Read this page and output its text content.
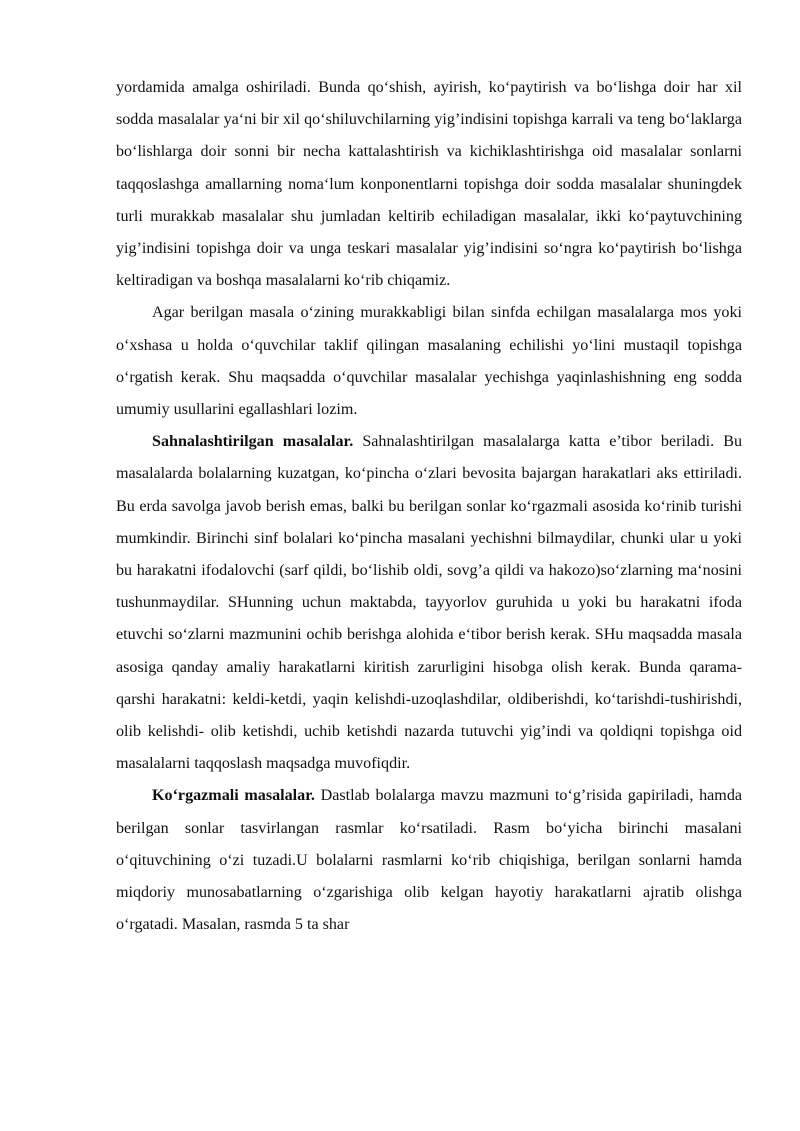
yordamida amalga oshiriladi. Bunda qo‘shish, ayirish, ko‘paytirish va bo‘lishga doir har xil sodda masalalar ya‘ni bir xil qo‘shiluvchilarning yig’indisini topishga karrali va teng bo‘laklarga bo‘lishlarga doir sonni bir necha kattalashtirish va kichiklashtirishga oid masalalar sonlarni taqqoslashga amallarning noma‘lum konponentlarni topishga doir sodda masalalar shuningdek turli murakkab masalalar shu jumladan keltirib echiladigan masalalar, ikki ko‘paytuvchining yig’indisini topishga doir va unga teskari masalalar yig’indisini so‘ngra ko‘paytirish bo‘lishga keltiradigan va boshqa masalalarni ko‘rib chiqamiz.

Agar berilgan masala o‘zining murakkabligi bilan sinfda echilgan masalalarga mos yoki o‘xshasa u holda o‘quvchilar taklif qilingan masalaning echilishi yo‘lini mustaqil topishga o‘rgatish kerak. Shu maqsadda o‘quvchilar masalalar yechishga yaqinlashishning eng sodda umumiy usullarini egallashlari lozim.

Sahnalashtirilgan masalalar. Sahnalashtirilgan masalalarga katta e’tibor beriladi. Bu masalalarda bolalarning kuzatgan, ko‘pincha o‘zlari bevosita bajargan harakatlari aks ettiriladi. Bu erda savolga javob berish emas, balki bu berilgan sonlar ko‘rgazmali asosida ko‘rinib turishi mumkindir. Birinchi sinf bolalari ko‘pincha masalani yechishni bilmaydilar, chunki ular u yoki bu harakatni ifodalovchi (sarf qildi, bo‘lishib oldi, sovg’a qildi va hakozo)so‘zlarning ma‘nosini tushunmaydilar. SHunning uchun maktabda, tayyorlov guruhida u yoki bu harakatni ifoda etuvchi so‘zlarni mazmunini ochib berishga alohida e‘tibor berish kerak. SHu maqsadda masala asosiga qanday amaliy harakatlarni kiritish zarurligini hisobga olish kerak. Bunda qarama- qarshi harakatni: keldi-ketdi, yaqin kelishdi-uzoqlashdilar, oldiberishdi, ko‘tarishdi-tushirishdi, olib kelishdi- olib ketishdi, uchib ketishdi nazarda tutuvchi yig’indi va qoldiqni topishga oid masalalarni taqqoslash maqsadga muvofiqdir.

Ko‘rgazmali masalalar. Dastlab bolalarga mavzu mazmuni to‘g’risida gapiriladi, hamda berilgan sonlar tasvirlangan rasmlar ko‘rsatiladi. Rasm bo‘yicha birinchi masalani o‘qituvchining o‘zi tuzadi.U bolalarni rasmlarni ko‘rib chiqishiga, berilgan sonlarni hamda miqdoriy munosabatlarning o‘zgarishiga olib kelgan hayotiy harakatlarni ajratib olishga o‘rgatadi. Masalan, rasmda 5 ta shar
